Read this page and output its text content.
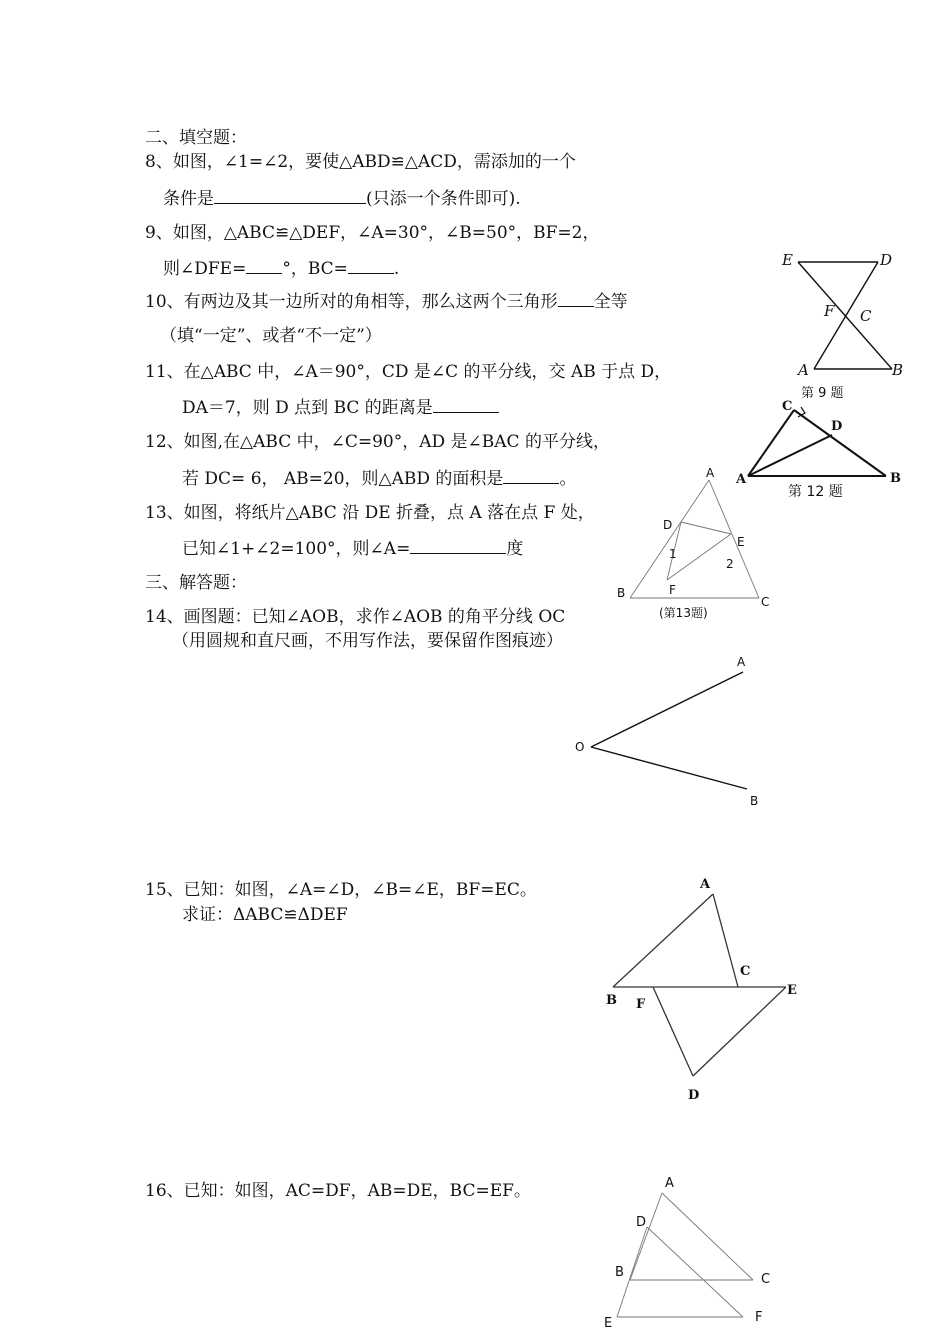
二、填空题：
8、如图，∠1=∠2，要使△ABD≌△ACD，需添加的一个
条件是	(只添一个条件即可).
9、如图，△ABC≌△DEF，∠A=30°，∠B=50°，BF=2，
则∠DFE= °，BC=	.
10、有两边及其一边所对的角相等，那么这两个三角形 全等
（填“一定”、或者“不一定”）
11、在△ABC 中，∠A＝90°，CD 是∠C 的平分线，交 AB 于点 D，
DA＝7，则 D 点到 BC 的距离是
12、如图,在△ABC 中，∠C=90°，AD 是∠BAC 的平分线，
若 DC= 6， AB=20，则△ABD 的面积是	。
13、如图，将纸片△ABC 沿 DE 折叠，点 A 落在点 F 处，
已知∠1+∠2=100°，则∠A=	度
三、解答题：
14、画图题：已知∠AOB，求作∠AOB 的角平分线 OC
（用圆规和直尺画，不用写作法，要保留作图痕迹）
15、已知：如图，∠A=∠D，∠B=∠E，BF=EC。
求证：ΔABC≌ΔDEF
16、已知：如图，AC=DF，AB=DE，BC=EF。
E	D
F C
A	B
第 9 题
C
D
A	B
第 12 题
A
D
E
1
2
F
B
C
(第13题)
A
O
B
A
C
B F
E
D
A
D
B	C
E	F
